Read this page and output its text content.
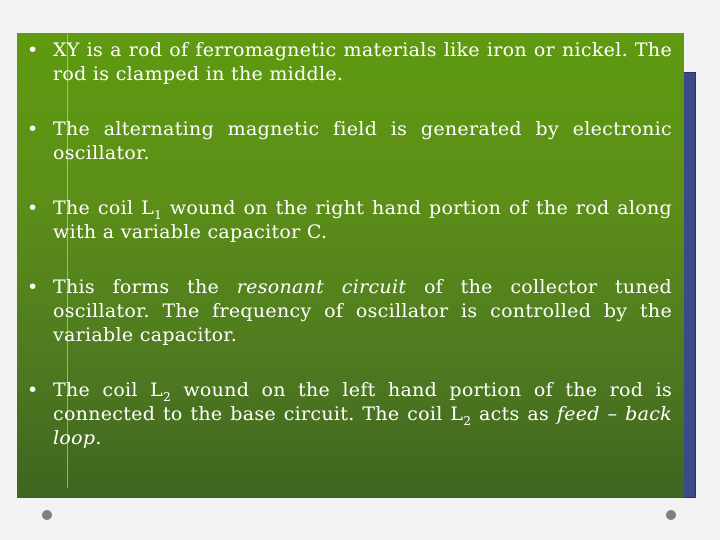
•
XY is a rod of ferromagnetic materials like iron or nickel. The rod is clamped in the middle.
•
The alternating magnetic field is generated by electronic oscillator.
•
The coil $L_1$ wound on the right hand portion of the rod along with a variable capacitor C.
•
This forms the resonant circuit of the collector tuned oscillator. The frequency of oscillator is controlled by the variable capacitor.
•
The coil $L_2$ wound on the left hand portion of the rod is connected to the base circuit. The coil $L_2$ acts as feed – back loop.
